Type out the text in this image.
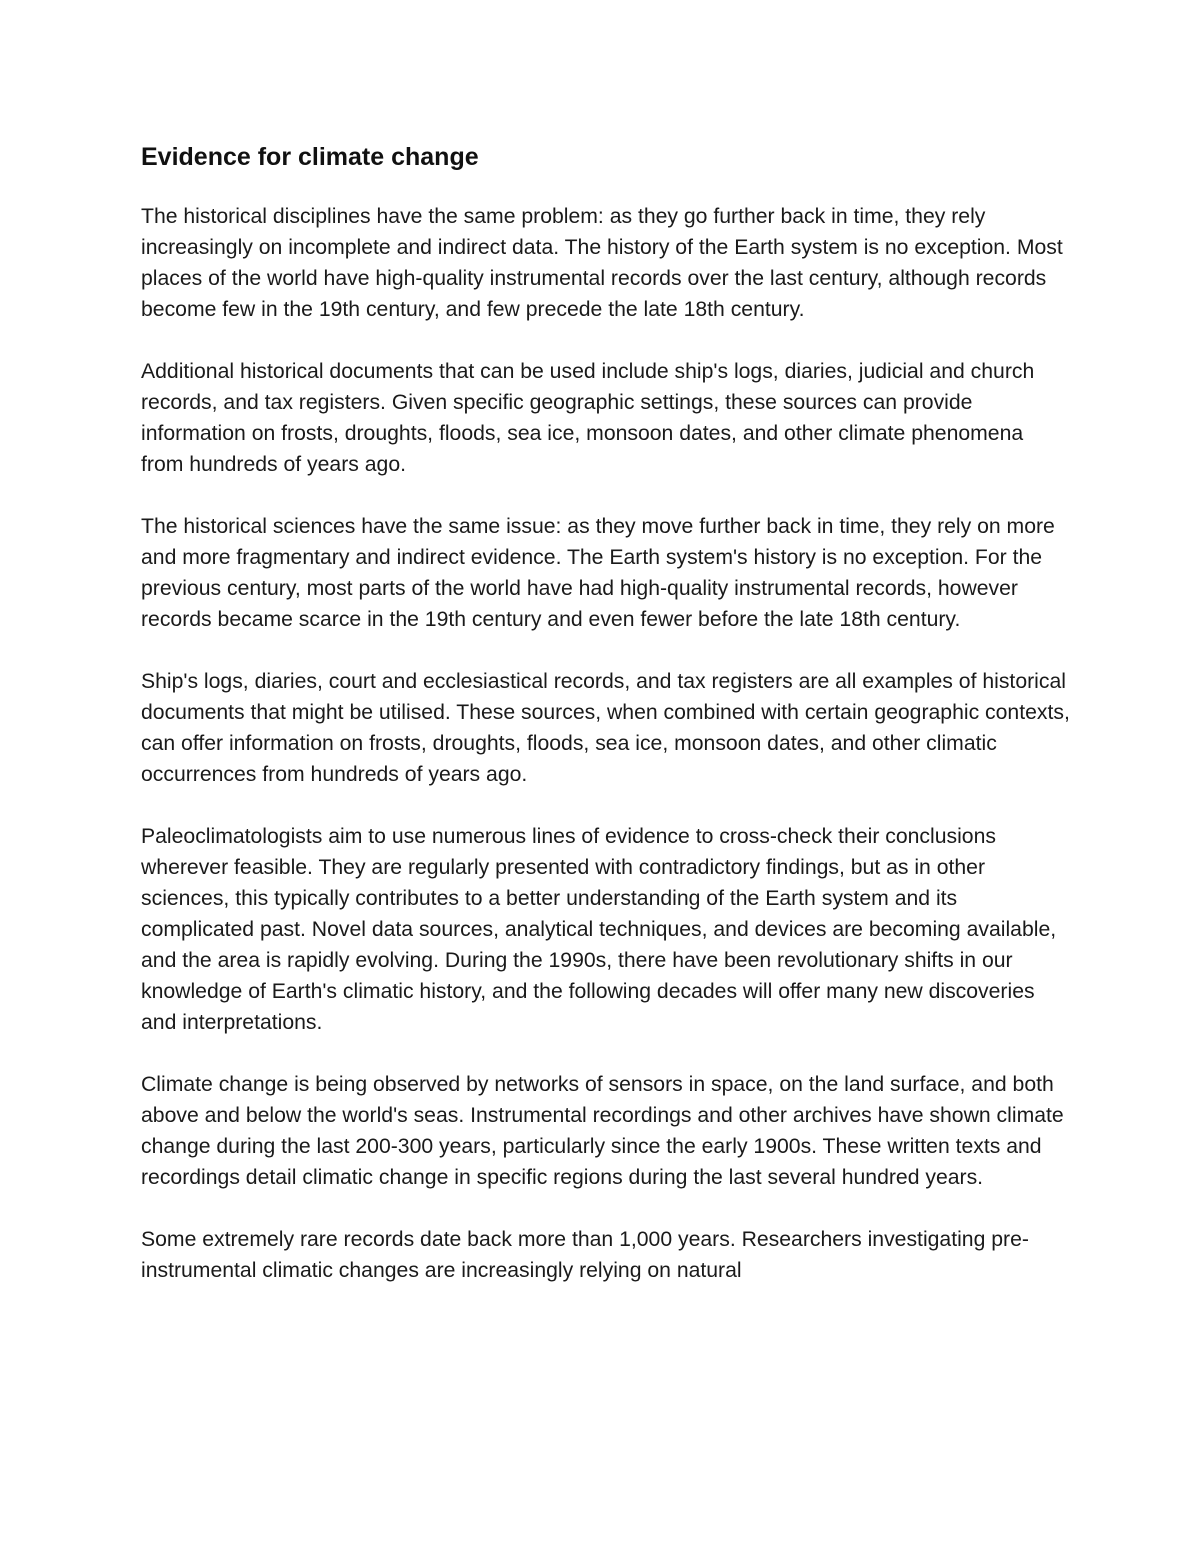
Evidence for climate change

The historical disciplines have the same problem: as they go further back in time, they rely increasingly on incomplete and indirect data. The history of the Earth system is no exception. Most places of the world have high-quality instrumental records over the last century, although records become few in the 19th century, and few precede the late 18th century.

Additional historical documents that can be used include ship's logs, diaries, judicial and church records, and tax registers. Given specific geographic settings, these sources can provide information on frosts, droughts, floods, sea ice, monsoon dates, and other climate phenomena from hundreds of years ago.

The historical sciences have the same issue: as they move further back in time, they rely on more and more fragmentary and indirect evidence. The Earth system's history is no exception. For the previous century, most parts of the world have had high-quality instrumental records, however records became scarce in the 19th century and even fewer before the late 18th century.

Ship's logs, diaries, court and ecclesiastical records, and tax registers are all examples of historical documents that might be utilised. These sources, when combined with certain geographic contexts, can offer information on frosts, droughts, floods, sea ice, monsoon dates, and other climatic occurrences from hundreds of years ago.

Paleoclimatologists aim to use numerous lines of evidence to cross-check their conclusions wherever feasible. They are regularly presented with contradictory findings, but as in other sciences, this typically contributes to a better understanding of the Earth system and its complicated past. Novel data sources, analytical techniques, and devices are becoming available, and the area is rapidly evolving. During the 1990s, there have been revolutionary shifts in our knowledge of Earth's climatic history, and the following decades will offer many new discoveries and interpretations.

Climate change is being observed by networks of sensors in space, on the land surface, and both above and below the world's seas. Instrumental recordings and other archives have shown climate change during the last 200-300 years, particularly since the early 1900s. These written texts and recordings detail climatic change in specific regions during the last several hundred years.

Some extremely rare records date back more than 1,000 years. Researchers investigating pre-instrumental climatic changes are increasingly relying on natural
